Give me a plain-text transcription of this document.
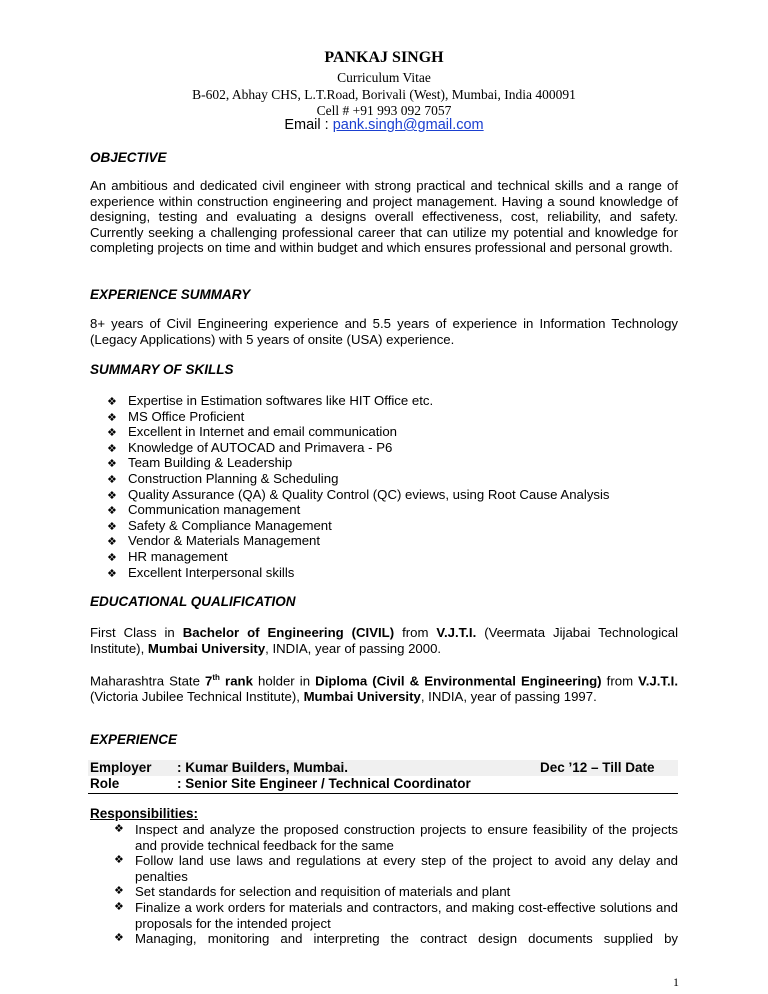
PANKAJ SINGH
Curriculum Vitae
B-602, Abhay CHS, L.T.Road, Borivali (West), Mumbai, India 400091
Cell # +91 993 092 7057
Email : pank.singh@gmail.com
OBJECTIVE
An ambitious and dedicated civil engineer with strong practical and technical skills and a range of experience within construction engineering and project management. Having a sound knowledge of designing, testing and evaluating a designs overall effectiveness, cost, reliability, and safety. Currently seeking a challenging professional career that can utilize my potential and knowledge for completing projects on time and within budget and which ensures professional and personal growth.
EXPERIENCE SUMMARY
8+ years of Civil Engineering experience and 5.5 years of experience in Information Technology (Legacy Applications) with 5 years of onsite (USA) experience.
SUMMARY OF SKILLS
❖ Expertise in Estimation softwares like HIT Office etc.
❖ MS Office Proficient
❖ Excellent in Internet and email communication
❖ Knowledge of AUTOCAD and Primavera - P6
❖ Team Building & Leadership
❖ Construction Planning & Scheduling
❖ Quality Assurance (QA) & Quality Control (QC) eviews, using Root Cause Analysis
❖ Communication management
❖ Safety & Compliance Management
❖ Vendor & Materials Management
❖ HR management
❖ Excellent Interpersonal skills
EDUCATIONAL QUALIFICATION
First Class in Bachelor of Engineering (CIVIL) from V.J.T.I. (Veermata Jijabai Technological Institute), Mumbai University, INDIA, year of passing 2000.
Maharashtra State 7th rank holder in Diploma (Civil & Environmental Engineering) from V.J.T.I. (Victoria Jubilee Technical Institute), Mumbai University, INDIA, year of passing 1997.
EXPERIENCE
Employer : Kumar Builders, Mumbai.	Dec ’12 – Till Date
Role	: Senior Site Engineer / Technical Coordinator
Responsibilities:
❖ Inspect and analyze the proposed construction projects to ensure feasibility of the projects and provide technical feedback for the same
❖ Follow land use laws and regulations at every step of the project to avoid any delay and penalties
❖ Set standards for selection and requisition of materials and plant
❖ Finalize a work orders for materials and contractors, and making cost-effective solutions and proposals for the intended project
❖ Managing, monitoring and interpreting the contract design documents supplied by
1
